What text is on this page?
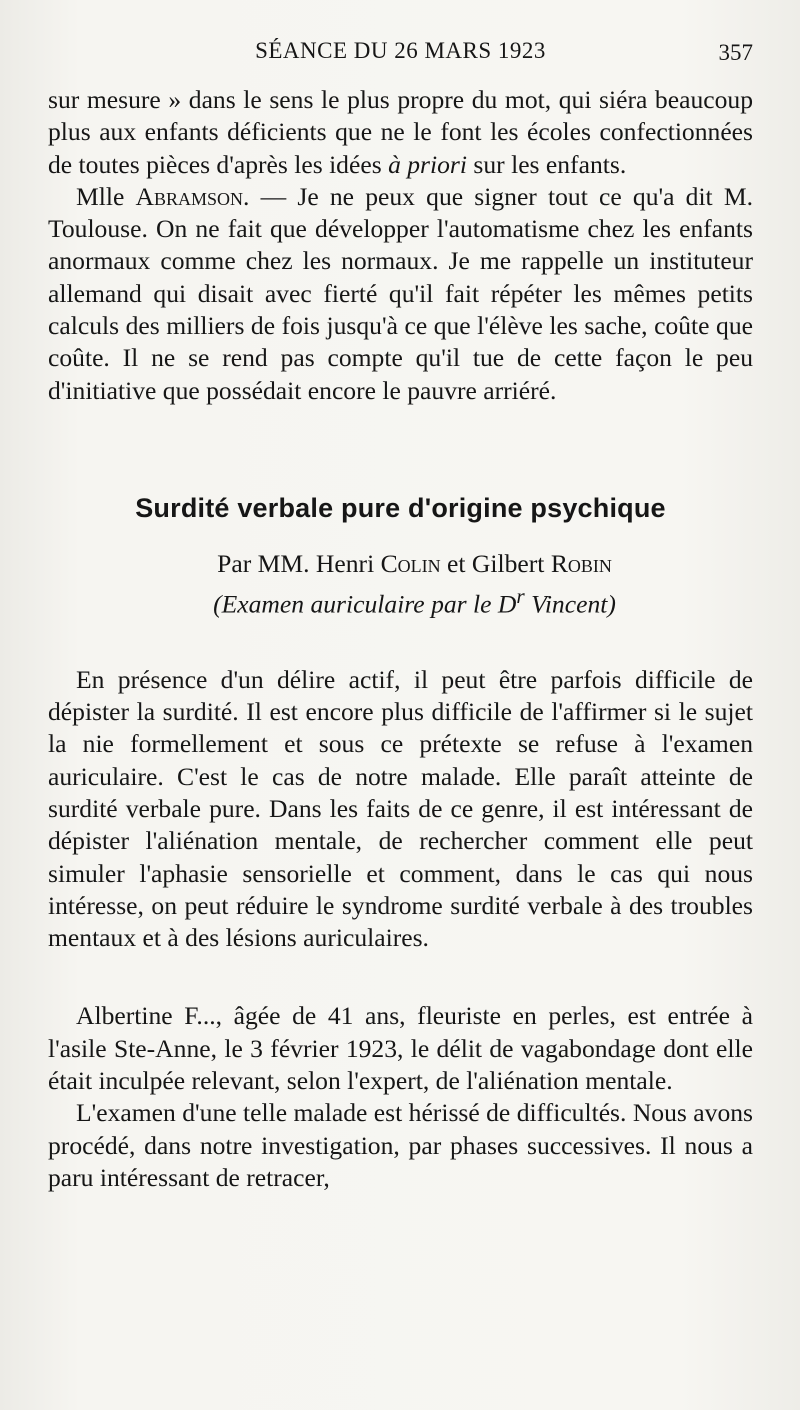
SÉANCE DU 26 MARS 1923	357

sur mesure » dans le sens le plus propre du mot, qui siéra beaucoup plus aux enfants déficients que ne le font les écoles confectionnées de toutes pièces d'après les idées à priori sur les enfants.

Mlle Abramson. — Je ne peux que signer tout ce qu'a dit M. Toulouse. On ne fait que développer l'automatisme chez les enfants anormaux comme chez les normaux. Je me rappelle un instituteur allemand qui disait avec fierté qu'il fait répéter les mêmes petits calculs des milliers de fois jusqu'à ce que l'élève les sache, coûte que coûte. Il ne se rend pas compte qu'il tue de cette façon le peu d'initiative que possédait encore le pauvre arriéré.

Surdité verbale pure d'origine psychique

Par MM. Henri Colin et Gilbert Robin

(Examen auriculaire par le $D^r$ Vincent)

En présence d'un délire actif, il peut être parfois difficile de dépister la surdité. Il est encore plus difficile de l'affirmer si le sujet la nie formellement et sous ce prétexte se refuse à l'examen auriculaire. C'est le cas de notre malade. Elle paraît atteinte de surdité verbale pure. Dans les faits de ce genre, il est intéressant de dépister l'aliénation mentale, de rechercher comment elle peut simuler l'aphasie sensorielle et comment, dans le cas qui nous intéresse, on peut réduire le syndrome surdité verbale à des troubles mentaux et à des lésions auriculaires.

Albertine F..., âgée de 41 ans, fleuriste en perles, est entrée à l'asile Ste-Anne, le 3 février 1923, le délit de vagabondage dont elle était inculpée relevant, selon l'expert, de l'aliénation mentale.

L'examen d'une telle malade est hérissé de difficultés. Nous avons procédé, dans notre investigation, par phases successives. Il nous a paru intéressant de retracer,
